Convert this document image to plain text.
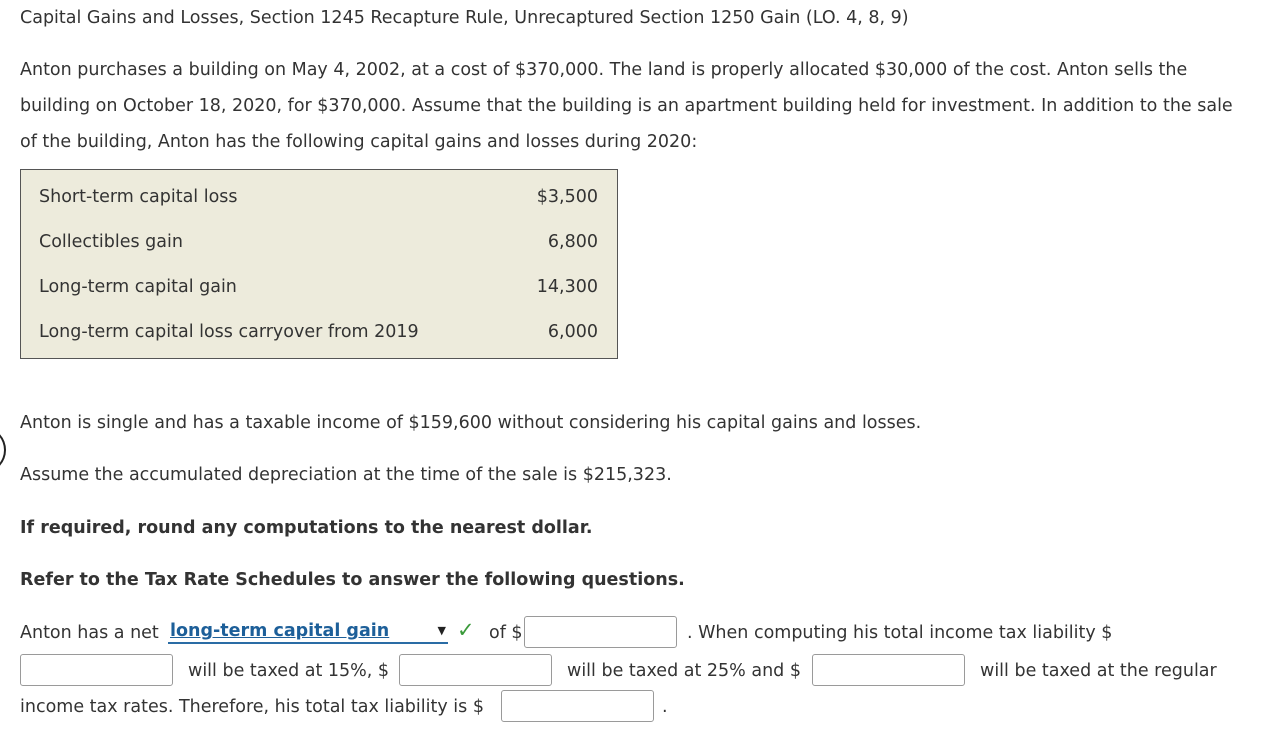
Capital Gains and Losses, Section 1245 Recapture Rule, Unrecaptured Section 1250 Gain (LO. 4, 8, 9)
Anton purchases a building on May 4, 2002, at a cost of $370,000. The land is properly allocated $30,000 of the cost. Anton sells the
building on October 18, 2020, for $370,000. Assume that the building is an apartment building held for investment. In addition to the sale
of the building, Anton has the following capital gains and losses during 2020:
Short-term capital loss	$3,500
Collectibles gain	6,800
Long-term capital gain	14,300
Long-term capital loss carryover from 2019	6,000
Anton is single and has a taxable income of $159,600 without considering his capital gains and losses.
Assume the accumulated depreciation at the time of the sale is $215,323.
If required, round any computations to the nearest dollar.
Refer to the Tax Rate Schedules to answer the following questions.
Anton has a net long-term capital gain	▼ ✓ of $	. When computing his total income tax liability $
will be taxed at 15%, $	will be taxed at 25% and $	will be taxed at the regular
income tax rates. Therefore, his total tax liability is $	.
